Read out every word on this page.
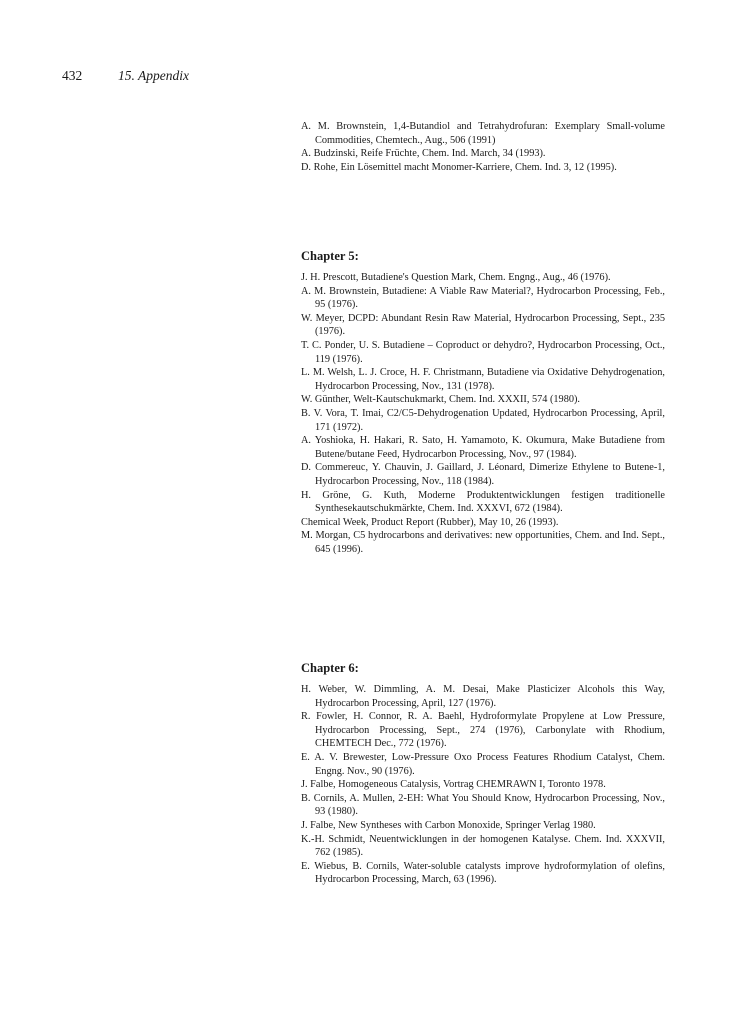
432	15. Appendix
A. M. Brownstein, 1,4-Butandiol and Tetrahydrofuran: Exemplary Small-volume Commodities, Chemtech., Aug., 506 (1991)
A. Budzinski, Reife Früchte, Chem. Ind. March, 34 (1993).
D. Rohe, Ein Lösemittel macht Monomer-Karriere, Chem. Ind. 3, 12 (1995).
Chapter 5:
J. H. Prescott, Butadiene's Question Mark, Chem. Engng., Aug., 46 (1976).
A. M. Brownstein, Butadiene: A Viable Raw Material?, Hydrocarbon Processing, Feb., 95 (1976).
W. Meyer, DCPD: Abundant Resin Raw Material, Hydrocarbon Processing, Sept., 235 (1976).
T. C. Ponder, U. S. Butadiene – Coproduct or dehydro?, Hydrocarbon Processing, Oct., 119 (1976).
L. M. Welsh, L. J. Croce, H. F. Christmann, Butadiene via Oxidative Dehydrogenation, Hydrocarbon Processing, Nov., 131 (1978).
W. Günther, Welt-Kautschukmarkt, Chem. Ind. XXXII, 574 (1980).
B. V. Vora, T. Imai, C2/C5-Dehydrogenation Updated, Hydrocarbon Processing, April, 171 (1972).
A. Yoshioka, H. Hakari, R. Sato, H. Yamamoto, K. Okumura, Make Butadiene from Butene/butane Feed, Hydrocarbon Processing, Nov., 97 (1984).
D. Commereuc, Y. Chauvin, J. Gaillard, J. Léonard, Dimerize Ethylene to Butene-1, Hydrocarbon Processing, Nov., 118 (1984).
H. Gröne, G. Kuth, Moderne Produktentwicklungen festigen traditionelle Synthesekautschukmärkte, Chem. Ind. XXXVI, 672 (1984).
Chemical Week, Product Report (Rubber), May 10, 26 (1993).
M. Morgan, C5 hydrocarbons and derivatives: new opportunities, Chem. and Ind. Sept., 645 (1996).
Chapter 6:
H. Weber, W. Dimmling, A. M. Desai, Make Plasticizer Alcohols this Way, Hydrocarbon Processing, April, 127 (1976).
R. Fowler, H. Connor, R. A. Baehl, Hydroformylate Propylene at Low Pressure, Hydrocarbon Processing, Sept., 274 (1976), Carbonylate with Rhodium, CHEMTECH Dec., 772 (1976).
E. A. V. Brewester, Low-Pressure Oxo Process Features Rhodium Catalyst, Chem. Engng. Nov., 90 (1976).
J. Falbe, Homogeneous Catalysis, Vortrag CHEMRAWN I, Toronto 1978.
B. Cornils, A. Mullen, 2-EH: What You Should Know, Hydrocarbon Processing, Nov., 93 (1980).
J. Falbe, New Syntheses with Carbon Monoxide, Springer Verlag 1980.
K.-H. Schmidt, Neuentwicklungen in der homogenen Katalyse. Chem. Ind. XXXVII, 762 (1985).
E. Wiebus, B. Cornils, Water-soluble catalysts improve hydroformylation of olefins, Hydrocarbon Processing, March, 63 (1996).
